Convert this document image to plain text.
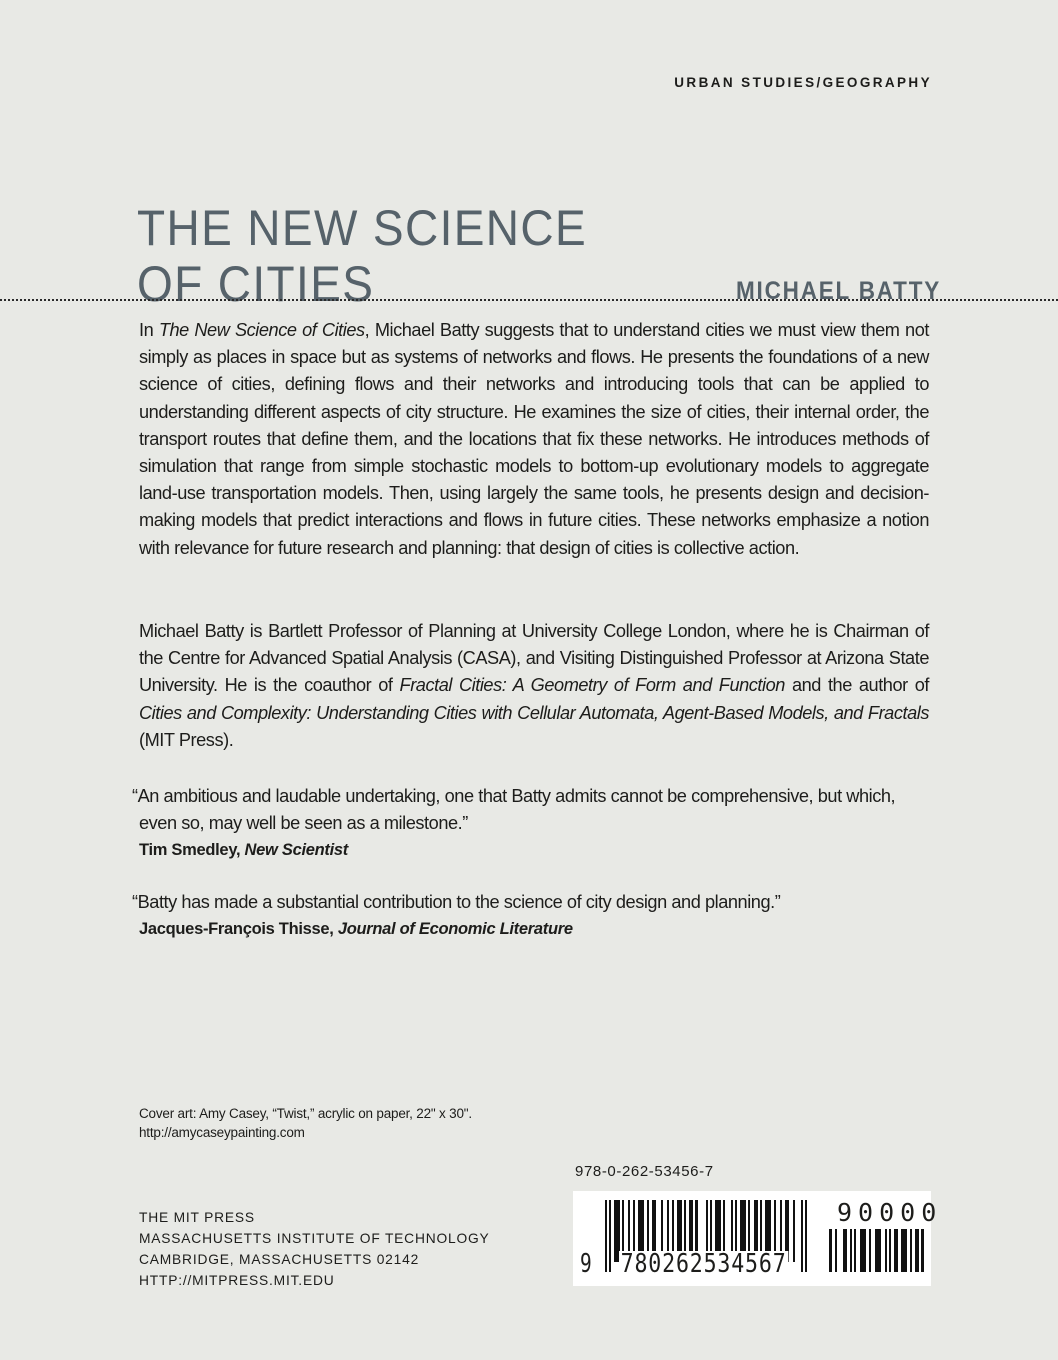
URBAN STUDIES/GEOGRAPHY
THE NEW SCIENCE
OF CITIES	MICHAEL BATTY
In The New Science of Cities, Michael Batty suggests that to understand cities we must view them not simply as places in space but as systems of networks and flows. He presents the foundations of a new science of cities, defining flows and their networks and introducing tools that can be applied to understanding different aspects of city structure. He examines the size of cities, their internal order, the transport routes that define them, and the locations that fix these networks. He introduces methods of simulation that range from simple stochastic models to bottom-up evolutionary models to aggregate land-use transportation models. Then, using largely the same tools, he presents design and decision-making models that predict interactions and flows in future cities. These networks emphasize a notion with relevance for future research and planning: that design of cities is collective action.
Michael Batty is Bartlett Professor of Planning at University College London, where he is Chairman of the Centre for Advanced Spatial Analysis (CASA), and Visiting Distinguished Professor at Arizona State University. He is the coauthor of Fractal Cities: A Geometry of Form and Function and the author of Cities and Complexity: Understanding Cities with Cellular Automata, Agent-Based Models, and Fractals (MIT Press).
“An ambitious and laudable undertaking, one that Batty admits cannot be comprehensive, but which,
even so, may well be seen as a milestone.”
Tim Smedley, New Scientist
“Batty has made a substantial contribution to the science of city design and planning.”
Jacques-François Thisse, Journal of Economic Literature
Cover art: Amy Casey, “Twist,” acrylic on paper, 22" x 30".
http://amycaseypainting.com
THE MIT PRESS
MASSACHUSETTS INSTITUTE OF TECHNOLOGY
CAMBRIDGE, MASSACHUSETTS 02142
HTTP://MITPRESS.MIT.EDU
978-0-262-53456-7
9 780262534567
90000
